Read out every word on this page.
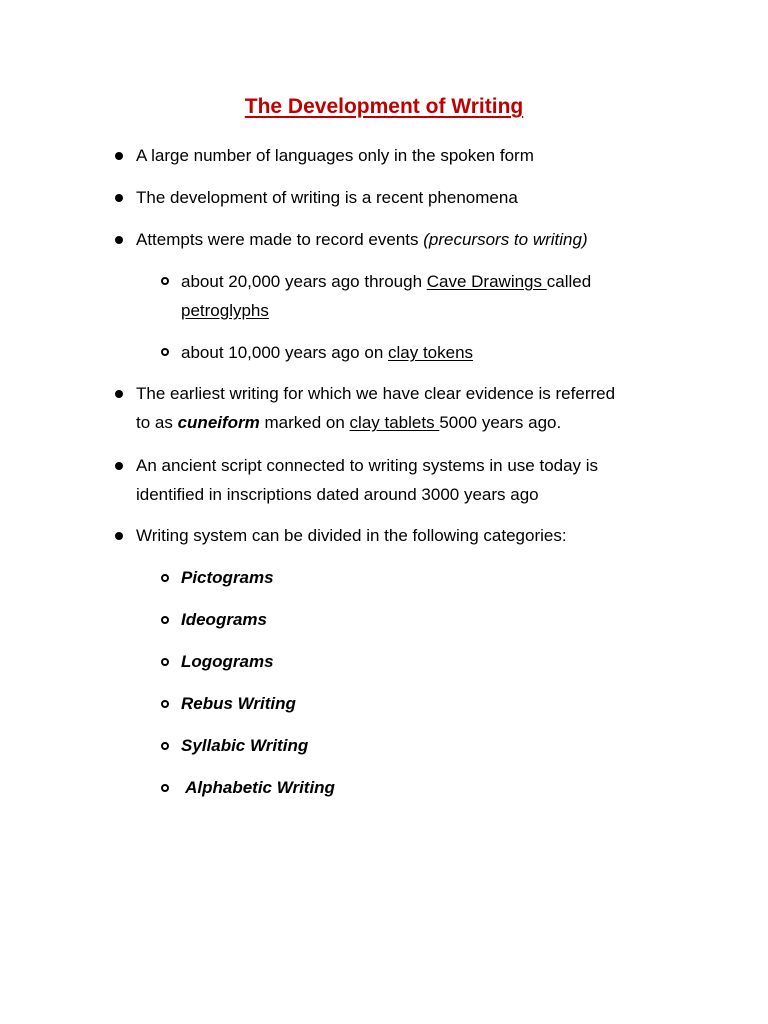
The Development of Writing
A large number of languages only in the spoken form
The development of writing is a recent phenomena
Attempts were made to record events (precursors to writing)
about 20,000 years ago through Cave Drawings called
petroglyphs
about 10,000 years ago on clay tokens
The earliest writing for which we have clear evidence is referred
to as cuneiform marked on clay tablets 5000 years ago.
An ancient script connected to writing systems in use today is
identified in inscriptions dated around 3000 years ago
Writing system can be divided in the following categories:
Pictograms
Ideograms
Logograms
Rebus Writing
Syllabic Writing
Alphabetic Writing
